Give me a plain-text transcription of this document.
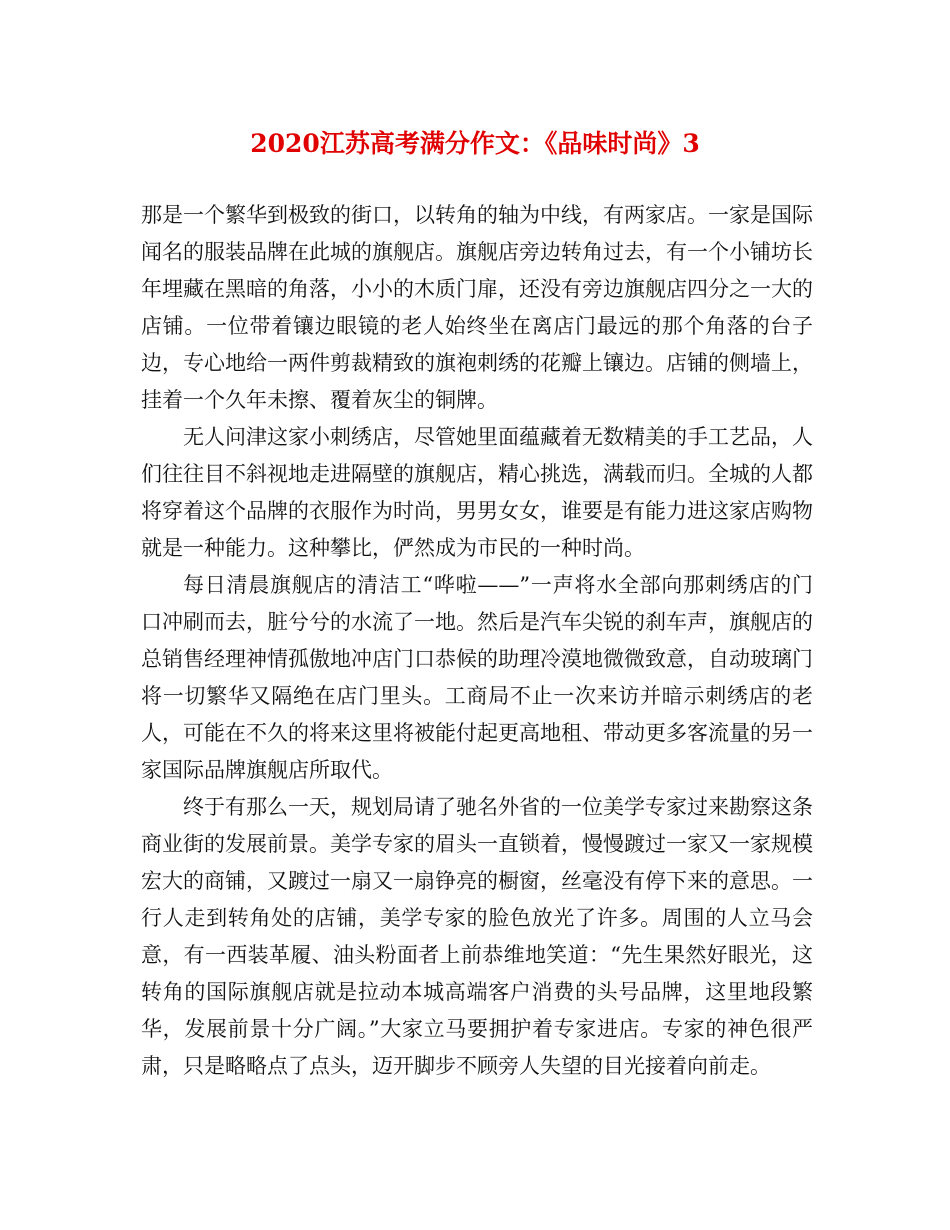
2020江苏高考满分作文：《品味时尚》3

那是一个繁华到极致的街口，以转角的轴为中线，有两家店。一家是国际闻名的服装品牌在此城的旗舰店。旗舰店旁边转角过去，有一个小铺坊长年埋藏在黑暗的角落，小小的木质门扉，还没有旁边旗舰店四分之一大的店铺。一位带着镶边眼镜的老人始终坐在离店门最远的那个角落的台子边，专心地给一两件剪裁精致的旗袍刺绣的花瓣上镶边。店铺的侧墙上，挂着一个久年未擦、覆着灰尘的铜牌。

无人问津这家小刺绣店，尽管她里面蕴藏着无数精美的手工艺品，人们往往目不斜视地走进隔壁的旗舰店，精心挑选，满载而归。全城的人都将穿着这个品牌的衣服作为时尚，男男女女，谁要是有能力进这家店购物就是一种能力。这种攀比，俨然成为市民的一种时尚。

每日清晨旗舰店的清洁工“哗啦——”一声将水全部向那刺绣店的门口冲刷而去，脏兮兮的水流了一地。然后是汽车尖锐的刹车声，旗舰店的总销售经理神情孤傲地冲店门口恭候的助理冷漠地微微致意，自动玻璃门将一切繁华又隔绝在店门里头。工商局不止一次来访并暗示刺绣店的老人，可能在不久的将来这里将被能付起更高地租、带动更多客流量的另一家国际品牌旗舰店所取代。

终于有那么一天，规划局请了驰名外省的一位美学专家过来勘察这条商业街的发展前景。美学专家的眉头一直锁着，慢慢踱过一家又一家规模宏大的商铺，又踱过一扇又一扇铮亮的橱窗，丝毫没有停下来的意思。一行人走到转角处的店铺，美学专家的脸色放光了许多。周围的人立马会意，有一西装革履、油头粉面者上前恭维地笑道：“先生果然好眼光，这转角的国际旗舰店就是拉动本城高端客户消费的头号品牌，这里地段繁华，发展前景十分广阔。”大家立马要拥护着专家进店。专家的神色很严肃，只是略略点了点头，迈开脚步不顾旁人失望的目光接着向前走。
